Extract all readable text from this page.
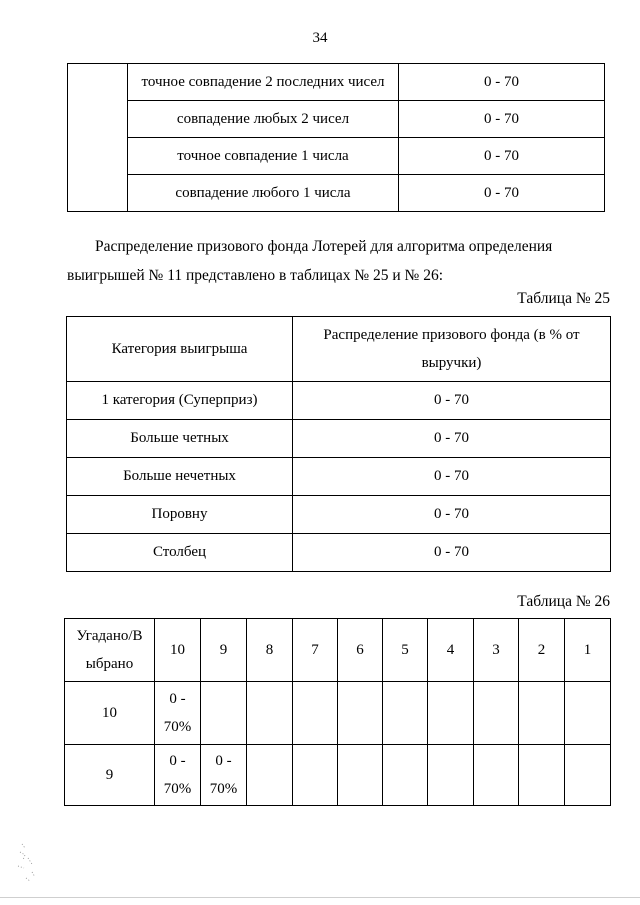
34
	точное совпадение 2 последних чисел	0 - 70
	совпадение любых 2 чисел	0 - 70
	точное совпадение 1 числа	0 - 70
	совпадение любого 1 числа	0 - 70
Распределение призового фонда Лотерей для алгоритма определения выигрышей № 11 представлено в таблицах № 25 и № 26:
Таблица № 25
Категория выигрыша	Распределение призового фонда (в % от выручки)
1 категория (Суперприз)	0 - 70
Больше четных	0 - 70
Больше нечетных	0 - 70
Поровну	0 - 70
Столбец	0 - 70
Таблица № 26
Угадано/Выбрано	10	9	8	7	6	5	4	3	2	1
10	0 - 70%									
9	0 - 70%	0 - 70%								
